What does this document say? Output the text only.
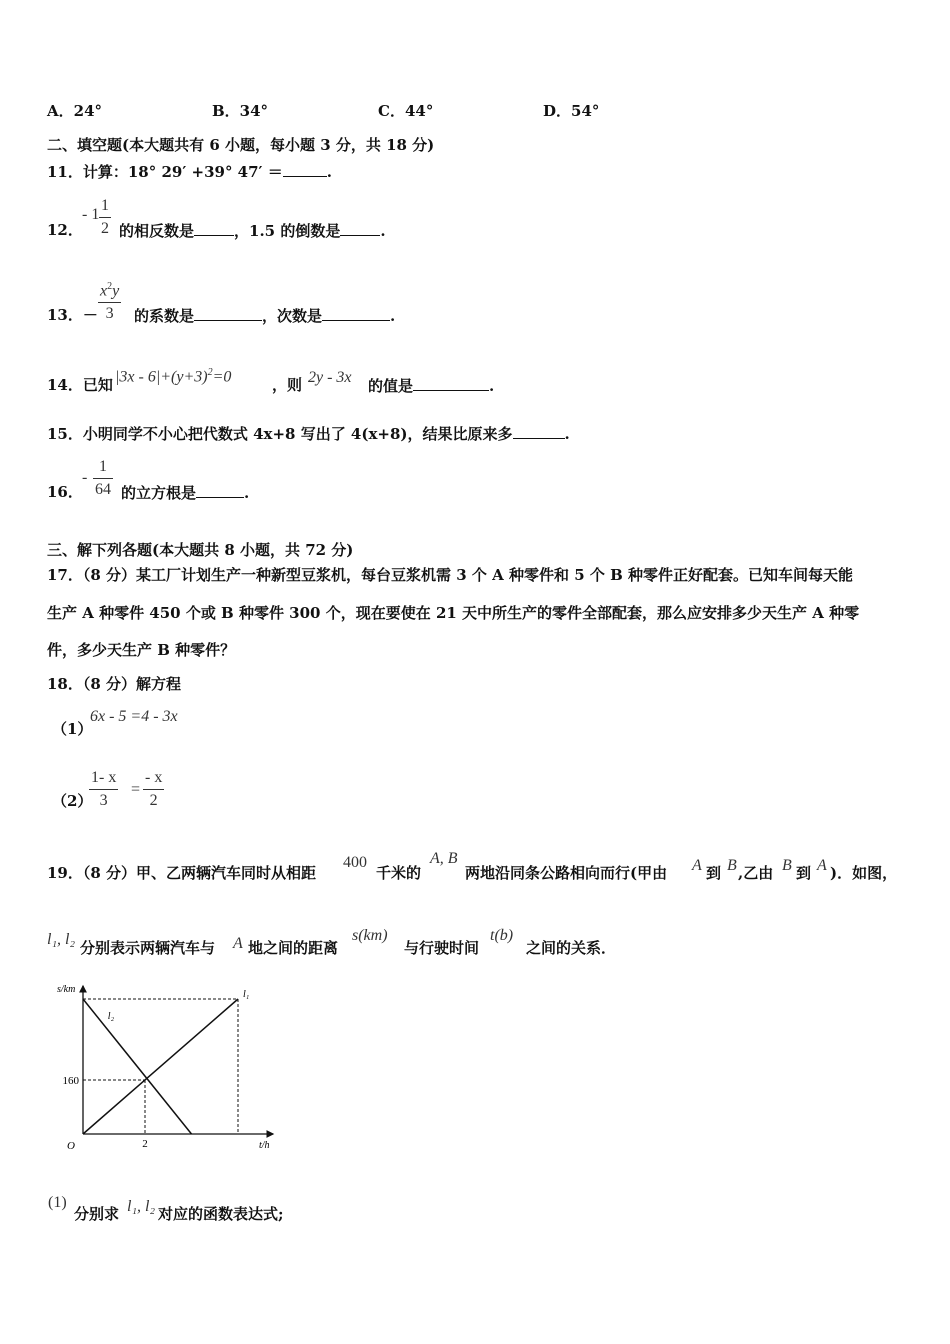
A．24°	B．34°	C．44°	D．54°
二、填空题(本大题共有 6 小题，每小题 3 分，共 18 分)
11．计算：18° 29′ +39° 47′ ＝	.
12．
- 1
1
2 的相反数是	，1.5 的倒数是	.
13．－
$x^2y$
3	的系数是	，次数是	.
14．已知 $|3x - 6|+(y+3)^2=0$	，则 2y - 3x 的值是	.
15．小明同学不小心把代数式 4x+8 写出了 4(x+8)，结果比原来多	.
16．
-
1
64 的立方根是	.
三、解下列各题(本大题共 8 小题，共 72 分)
17．（8 分）某工厂计划生产一种新型豆浆机，每台豆浆机需 3 个 A 种零件和 5 个 B 种零件正好配套。已知车间每天能
生产 A 种零件 450 个或 B 种零件 300 个，现在要使在 21 天中所生产的零件全部配套，那么应安排多少天生产 A 种零
件，多少天生产 B 种零件？
18．（8 分）解方程
（1）
6x - 5 =4 - 3x
（2）
1- x
3
=
- x
2
19．（8 分）甲、乙两辆汽车同时从相距
400
千米的
A, B
两地沿同条公路相向而行(甲由 A 到 B ,乙由 B 到 A )．如图，
l₁, l₂ 分别表示两辆汽车与 A 地之间的距离
s(km)
与行驶时间
t(b)
之间的关系．
s/km
t/h
O	2
160
l₁
l₂
(1)
分别求 l₁, l₂ 对应的函数表达式;
